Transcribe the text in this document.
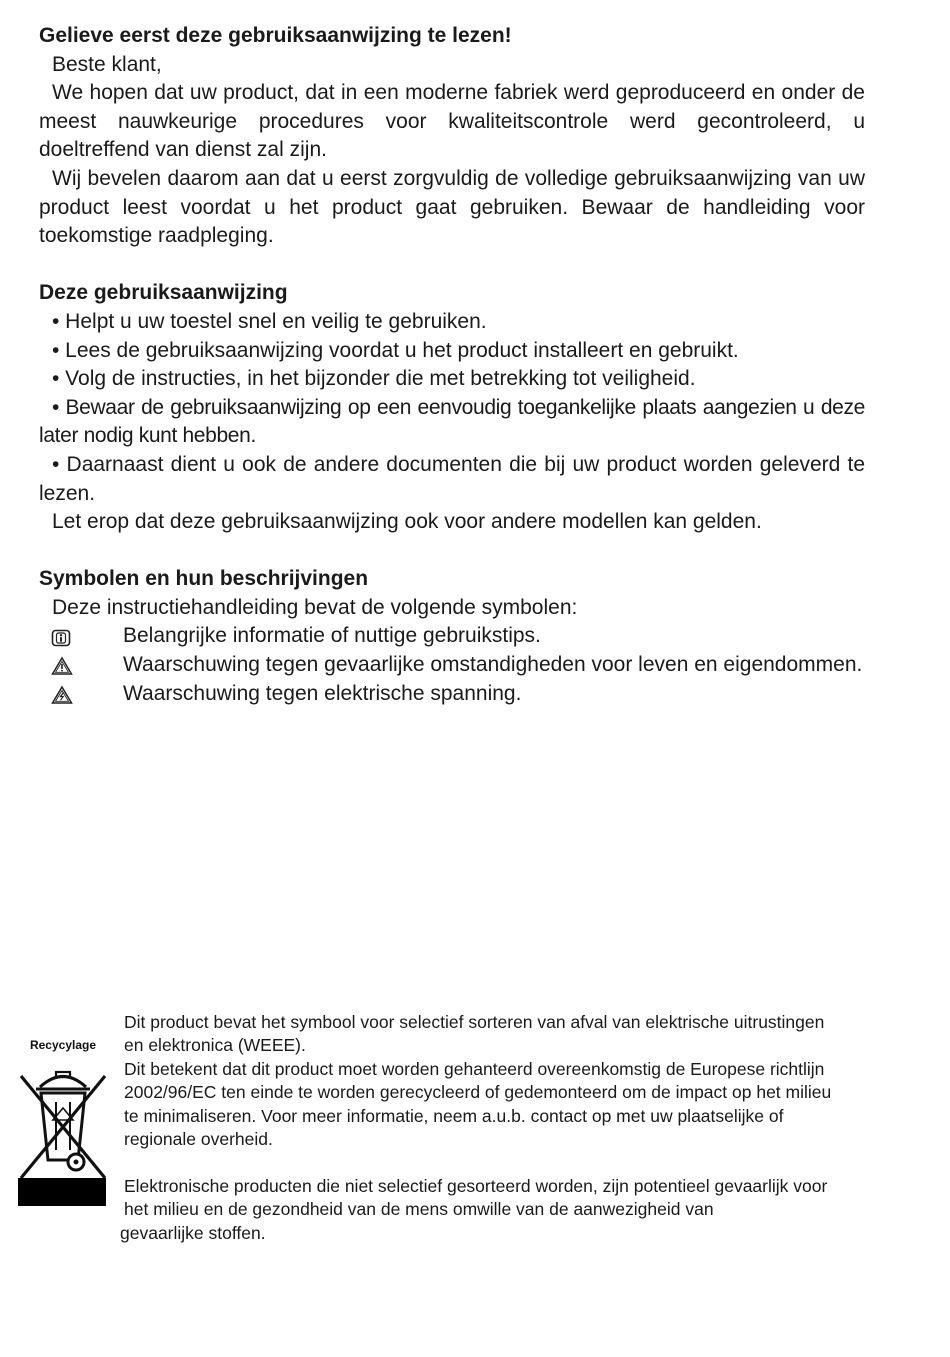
Gelieve eerst deze gebruiksaanwijzing te lezen!

Beste klant,

We hopen dat uw product, dat in een moderne fabriek werd geproduceerd en onder de meest nauwkeurige procedures voor kwaliteitscontrole werd gecontroleerd, u doeltreffend van dienst zal zijn.

Wij bevelen daarom aan dat u eerst zorgvuldig de volledige gebruiksaanwijzing van uw product leest voordat u het product gaat gebruiken. Bewaar de handleiding voor toekomstige raadpleging.

Deze gebruiksaanwijzing

• Helpt u uw toestel snel en veilig te gebruiken.

• Lees de gebruiksaanwijzing voordat u het product installeert en gebruikt.

• Volg de instructies, in het bijzonder die met betrekking tot veiligheid.

• Bewaar de gebruiksaanwijzing op een eenvoudig toegankelijke plaats aangezien u deze later nodig kunt hebben.

• Daarnaast dient u ook de andere documenten die bij uw product worden geleverd te lezen.

Let erop dat deze gebruiksaanwijzing ook voor andere modellen kan gelden.

Symbolen en hun beschrijvingen

Deze instructiehandleiding bevat de volgende symbolen:

Belangrijke informatie of nuttige gebruikstips.

Waarschuwing tegen gevaarlijke omstandigheden voor leven en eigendommen.

Waarschuwing tegen elektrische spanning.

Recycylage

Dit product bevat het symbool voor selectief sorteren van afval van elektrische uitrustingen en elektronica (WEEE).

Dit betekent dat dit product moet worden gehanteerd overeenkomstig de Europese richtlijn 2002/96/EC ten einde te worden gerecycleerd of gedemonteerd om de impact op het milieu te minimaliseren. Voor meer informatie, neem a.u.b. contact op met uw plaatselijke of regionale overheid.

Elektronische producten die niet selectief gesorteerd worden, zijn potentieel gevaarlijk voor het milieu en de gezondheid van de mens omwille van de aanwezigheid van

gevaarlijke stoffen.
